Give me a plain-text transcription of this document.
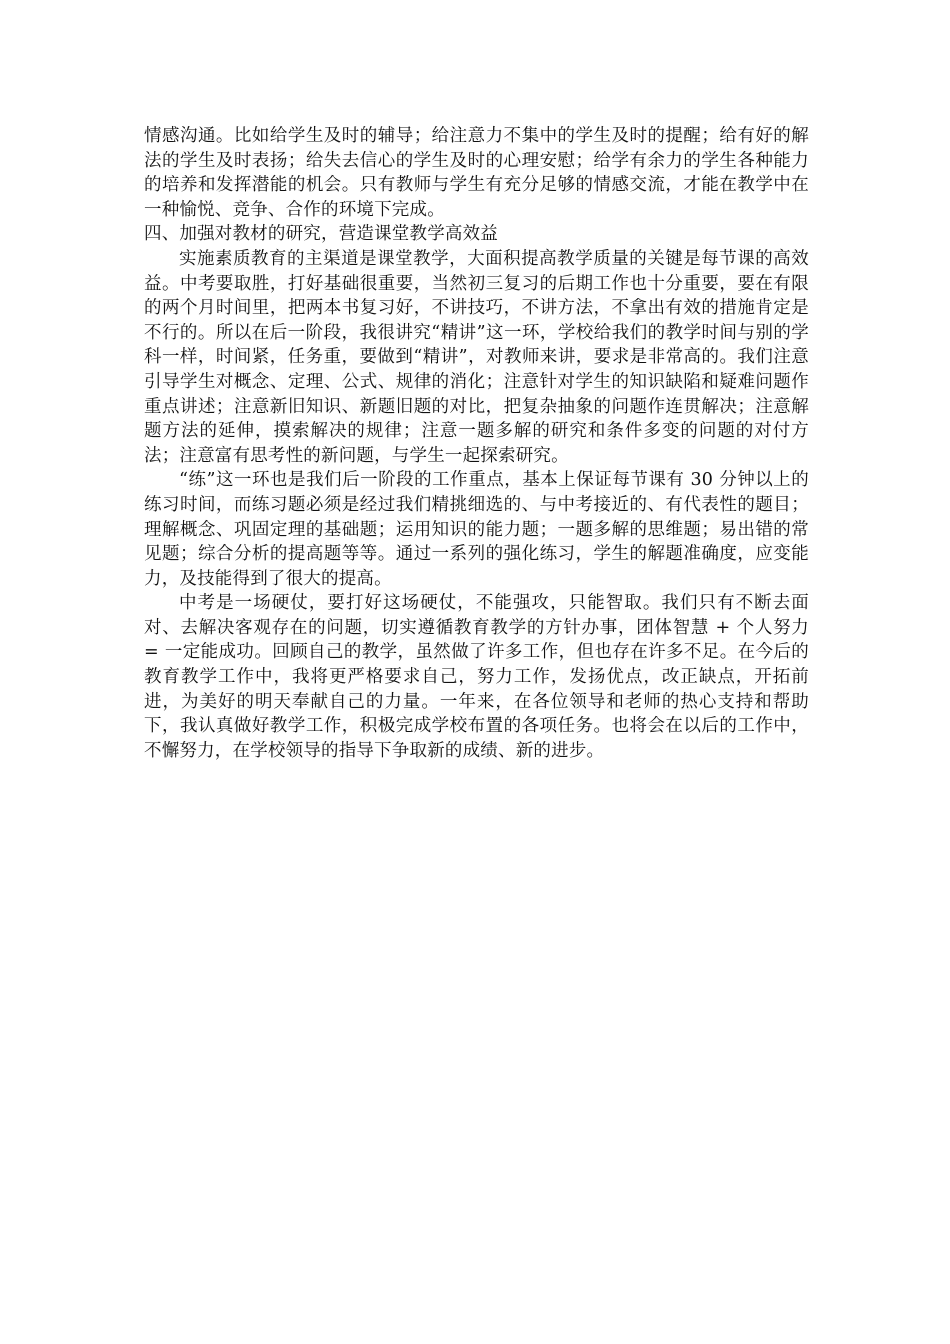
情感沟通。比如给学生及时的辅导；给注意力不集中的学生及时的提醒；给有好的解法的学生及时表扬；给失去信心的学生及时的心理安慰；给学有余力的学生各种能力的培养和发挥潜能的机会。只有教师与学生有充分足够的情感交流，才能在教学中在一种愉悦、竞争、合作的环境下完成。

四、加强对教材的研究，营造课堂教学高效益

实施素质教育的主渠道是课堂教学，大面积提高教学质量的关键是每节课的高效益。中考要取胜，打好基础很重要，当然初三复习的后期工作也十分重要，要在有限的两个月时间里，把两本书复习好，不讲技巧，不讲方法，不拿出有效的措施肯定是不行的。所以在后一阶段，我很讲究“精讲”这一环，学校给我们的教学时间与别的学科一样，时间紧，任务重，要做到“精讲”，对教师来讲，要求是非常高的。我们注意引导学生对概念、定理、公式、规律的消化；注意针对学生的知识缺陷和疑难问题作重点讲述；注意新旧知识、新题旧题的对比，把复杂抽象的问题作连贯解决；注意解题方法的延伸，摸索解决的规律；注意一题多解的研究和条件多变的问题的对付方法；注意富有思考性的新问题，与学生一起探索研究。

“练”这一环也是我们后一阶段的工作重点，基本上保证每节课有 30 分钟以上的练习时间，而练习题必须是经过我们精挑细选的、与中考接近的、有代表性的题目；理解概念、巩固定理的基础题；运用知识的能力题；一题多解的思维题；易出错的常见题；综合分析的提高题等等。通过一系列的强化练习，学生的解题准确度，应变能力，及技能得到了很大的提高。

中考是一场硬仗，要打好这场硬仗，不能强攻，只能智取。我们只有不断去面对、去解决客观存在的问题，切实遵循教育教学的方针办事，团体智慧 + 个人努力 = 一定能成功。回顾自己的教学，虽然做了许多工作，但也存在许多不足。在今后的教育教学工作中，我将更严格要求自己，努力工作，发扬优点，改正缺点，开拓前进，为美好的明天奉献自己的力量。一年来，在各位领导和老师的热心支持和帮助下，我认真做好教学工作，积极完成学校布置的各项任务。也将会在以后的工作中，不懈努力，在学校领导的指导下争取新的成绩、新的进步。
